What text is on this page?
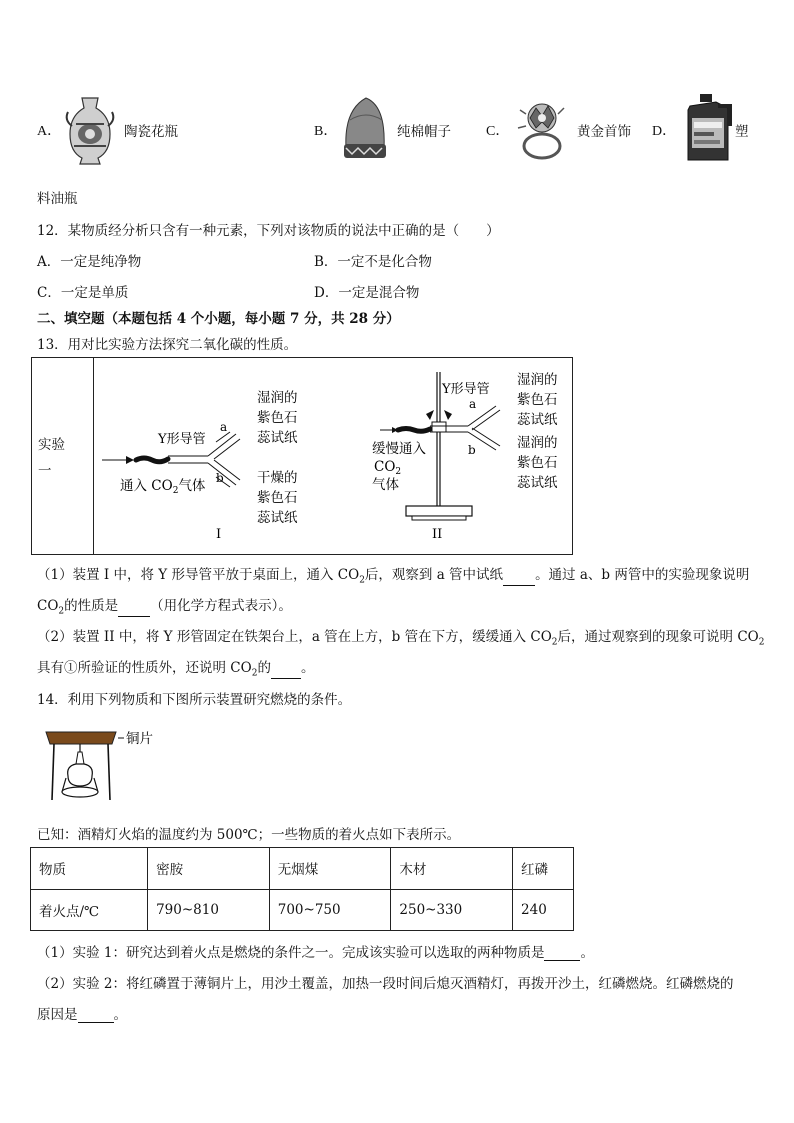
A．	陶瓷花瓶	B．	纯棉帽子	C．	黄金首饰 D．	塑
料油瓶
12．某物质经分析只含有一种元素，下列对该物质的说法中正确的是（　　）
A．一定是纯净物	B．一定不是化合物
C．一定是单质	D．一定是混合物
二、填空题（本题包括 4 个小题，每小题 7 分，共 28 分）
13．用对比实验方法探究二氧化碳的性质。
实验
一

Y形导管
a
b
湿润的
紫色石
蕊试纸
干燥的
紫色石
蕊试纸
通入 $CO_2$气体
I
Y形导管
a
b
湿润的
紫色石
蕊试纸
湿润的
紫色石
蕊试纸
缓慢通入
$CO_2$
气体
II
（1）装置 I 中，将 Y 形导管平放于桌面上，通入 $CO_2$后，观察到 a 管中试纸 。通过 a、b 两管中的实验现象说明
$CO_2$的性质是 （用化学方程式表示）。
（2）装置 II 中，将 Y 形管固定在铁架台上，a 管在上方，b 管在下方，缓缓通入 $CO_2$后，通过观察到的现象可说明 $CO_2$
具有①所验证的性质外，还说明 $CO_2$的 。
14．利用下列物质和下图所示装置研究燃烧的条件。
铜片
已知：酒精灯火焰的温度约为 500℃；一些物质的着火点如下表所示。
物质	密胺	无烟煤	木材	红磷
着火点/℃	790~810	700~750	250~330	240
（1）实验 1：研究达到着火点是燃烧的条件之一。完成该实验可以选取的两种物质是	。
（2）实验 2：将红磷置于薄铜片上，用沙土覆盖，加热一段时间后熄灭酒精灯，再拨开沙土，红磷燃烧。红磷燃烧的
原因是	。
